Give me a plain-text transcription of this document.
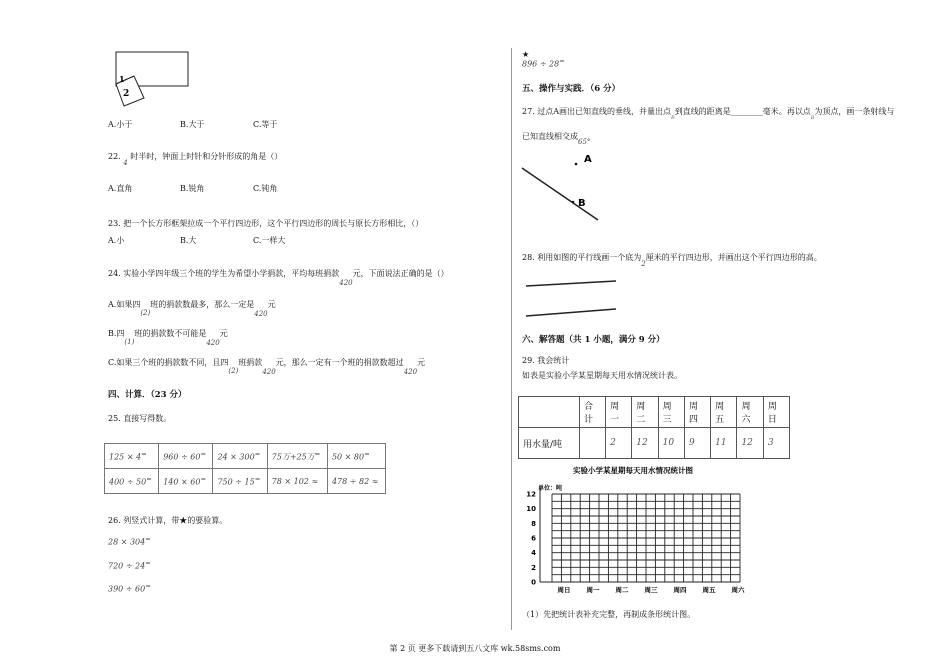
1
2
A.小于	B.大于	C.等于
22. 4 时半时，钟面上时针和分针形成的角是（）
A.直角	B.锐角	C.钝角
23. 把一个长方形框架拉成一个平行四边形，这个平行四边形的周长与原长方形相比，（）
A.小	B.大	C.一样大
24. 实验小学四年级三个班的学生为希望小学捐款，平均每班捐款420元，下面说法正确的是（）
A.如果四(2)班的捐款数最多，那么一定是420元
B.四(1)班的捐款数不可能是420元
C.如果三个班的捐款数不同，且四(2)班捐款420元，那么一定有一个班的捐款数超过420元
四、计算．（23 分）
25. 直接写得数。
125 × 4=	960 ÷ 60=	24 × 300=	75万+25万=	50 × 80=
400 ÷ 50=	140 × 60=	750 ÷ 15=	78 × 102 ≈	478 ÷ 82 ≈
26. 列竖式计算，带★的要验算。
28 × 304=
720 ÷ 24=
390 ÷ 60=
★
896 ÷ 28=
五、操作与实践．（6 分）
27. 过点A画出已知直线的垂线，并量出点$_B$到直线的距离是________毫米。再以点$_B$为顶点，画一条射线与
已知直线相交成65°
A
B
28. 利用如图的平行线画一个底为2厘米的平行四边形，并画出这个平行四边形的高。
六、解答题（共 1 小题，满分 9 分）
29. 我会统计
如表是实验小学某星期每天用水情况统计表。
	合计	周一	周二	周三	周四	周五	周六	周日
用水量/吨		2	12	10	9	11	12	3
实验小学某星期每天用水情况统计图
单位：吨
0
2
4
6
8
10
12
周日 周一 周二 周三 周四 周五 周六
（1）先把统计表补充完整，再制成条形统计图。
第 2 页 更多下载请到五八文库 wk.58sms.com
